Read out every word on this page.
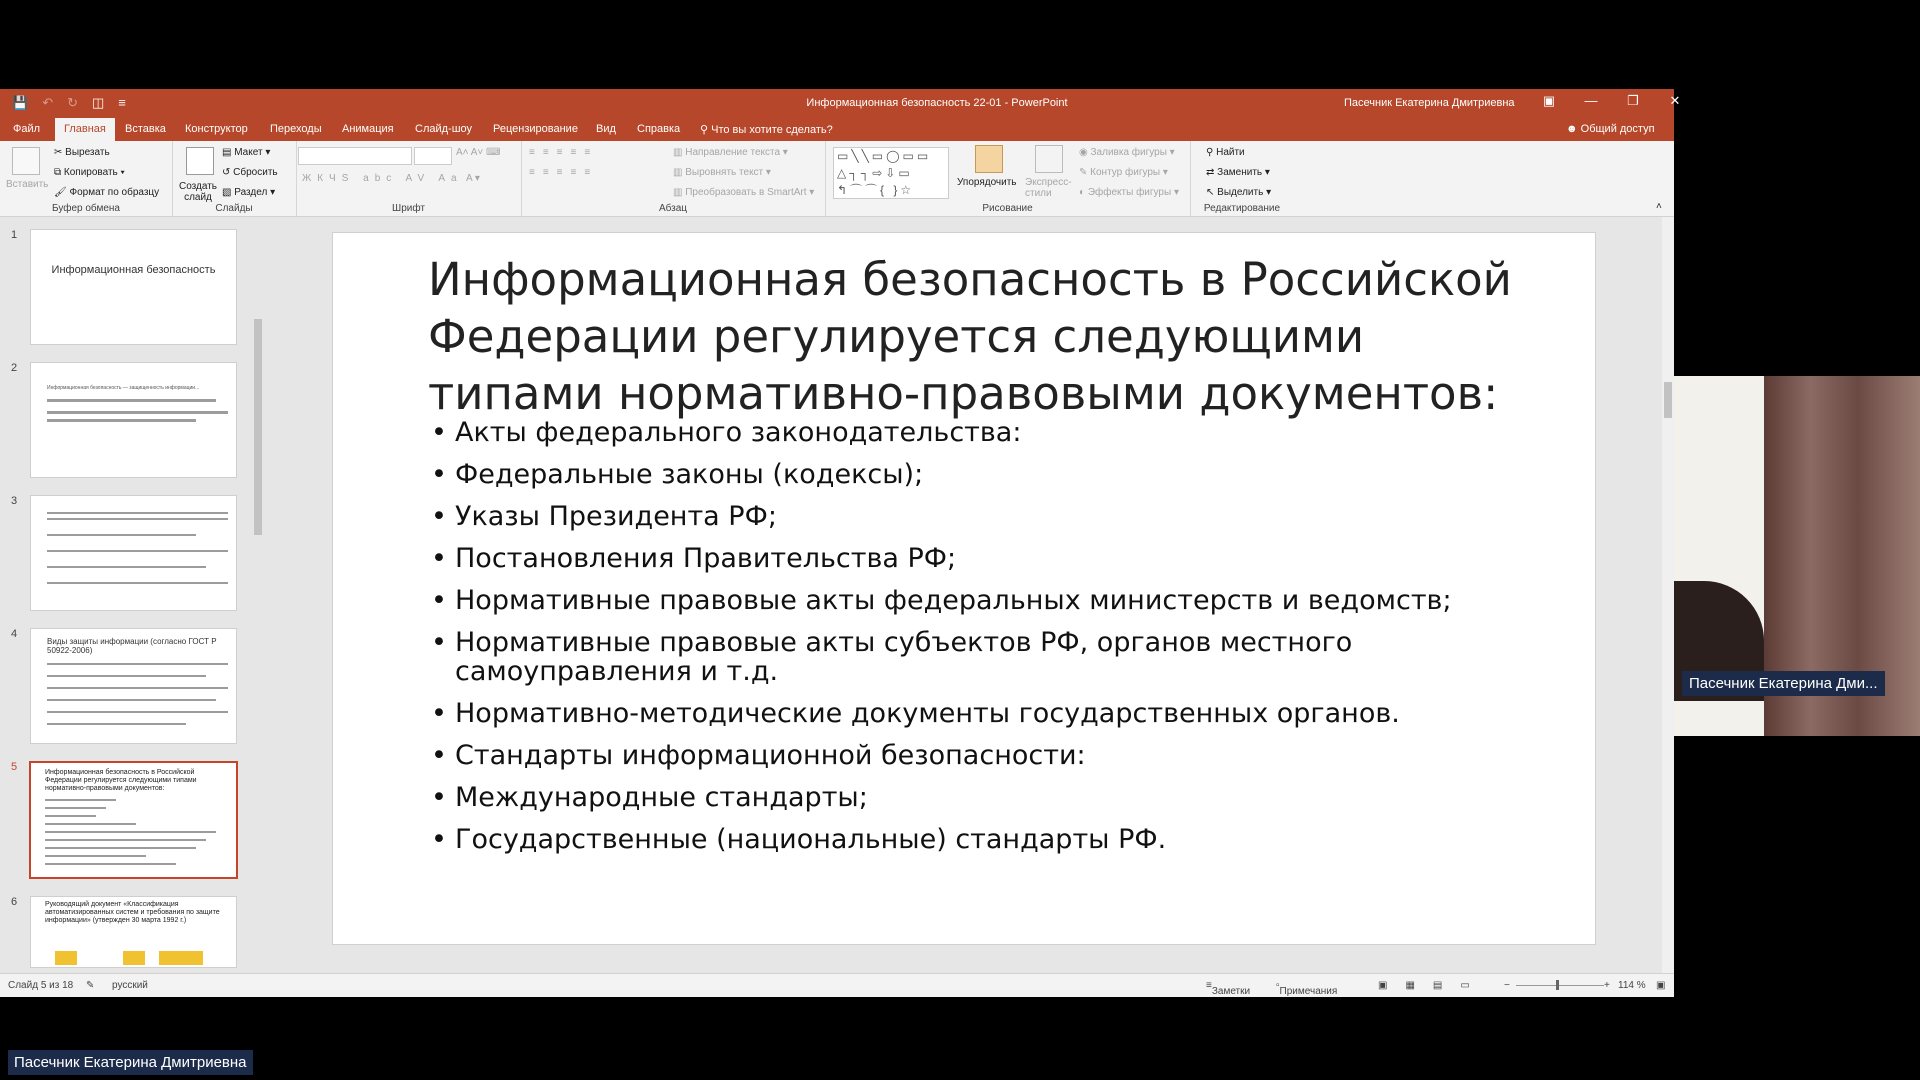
💾 ↶ ↻ ◫ ≡	Информационная безопасность 22-01 - PowerPoint	Пасечник Екатерина Дмитриевна	▣	—	❐	✕
Файл	Главная	Вставка Конструктор Переходы Анимация Слайд-шоу Рецензирование Вид Справка ⚲ Что вы хотите сделать?	☻ Общий доступ
Вставить
✂ Вырезать
⧉ Копировать ▾
🖌 Формат по образцу
Буфер обмена
Создать слайд
▤ Макет ▾
↺ Сбросить
▧ Раздел ▾
Слайды
A˄ A˅ ⌨
ЖКЧS abc AV Aa A ▾
Шрифт
≡≡≡≡≡
≡≡≡≡≡
▥ Направление текста ▾
▥ Выровнять текст ▾
▥ Преобразовать в SmartArt ▾
Абзац
▭╲╲▭◯▭▭
△┐┐⇨⇩▭
↰⌒⌒{ }☆
Упорядочить Экспресс-стили
◉ Заливка фигуры ▾
✎ Контур фигуры ▾
◐ Эффекты фигуры ▾
Рисование
⚲ Найти
⇄ Заменить ▾
↖ Выделить ▾
Редактирование	˄
1
Информационная безопасность
2
Информационная безопасность — защищенность информации...
3
4
Виды защиты информации (согласно ГОСТ Р 50922-2006)
5	Информационная безопасность в Российской Федерации регулируется следующими типами нормативно-правовыми документов:
6	Руководящий документ «Классификация автоматизированных систем и требования по защите информации» (утвержден 30 марта 1992 г.)
Информационная безопасность в Российской Федерации регулируется следующими типами нормативно-правовыми документов:
• Акты федерального законодательства:
• Федеральные законы (кодексы);
• Указы Президента РФ;
• Постановления Правительства РФ;
• Нормативные правовые акты федеральных министерств и ведомств;
• Нормативные правовые акты субъектов РФ, органов местного самоуправления и т.д.
• Нормативно-методические документы государственных органов.
• Стандарты информационной безопасности:
• Международные стандарты;
• Государственные (национальные) стандарты РФ.
Слайд 5 из 18 ✎ русский	≡
Заметки
▫
Примечания
▣▦▤▭ −	+ 114 % ▣
Пасечник Екатерина Дми...
Пасечник Екатерина Дмитриевна
